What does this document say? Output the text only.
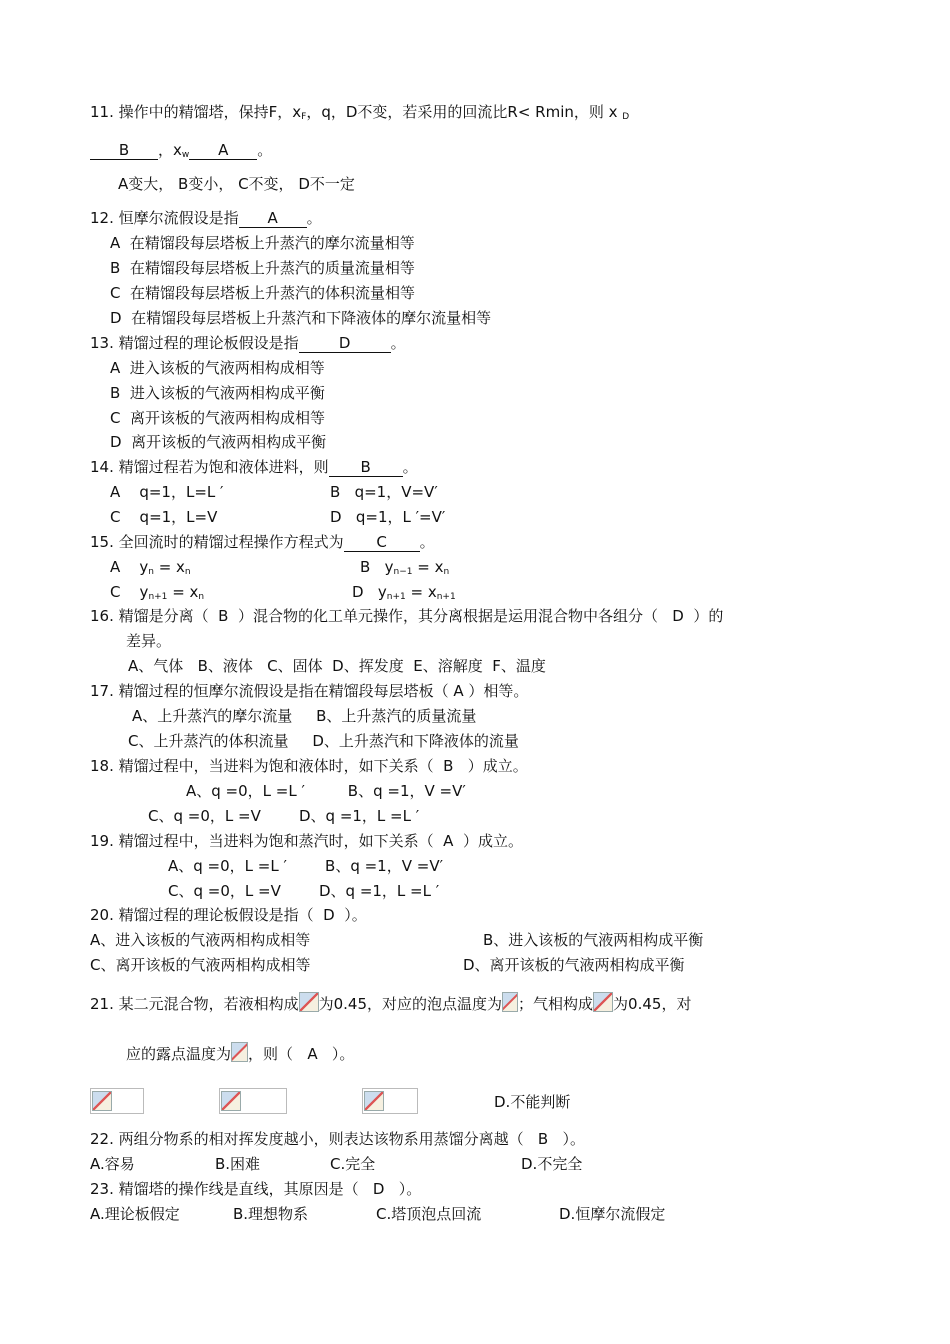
11. 操作中的精馏塔，保持F，$x_F$，q，D不变，若采用的回流比R< Rmin，则 x $_D$
B ，$x_w$ A 。
A变大， B变小， C不变， D不一定
12. 恒摩尔流假设是指 A 。
A  在精馏段每层塔板上升蒸汽的摩尔流量相等
B  在精馏段每层塔板上升蒸汽的质量流量相等
C  在精馏段每层塔板上升蒸汽的体积流量相等
D  在精馏段每层塔板上升蒸汽和下降液体的摩尔流量相等
13. 精馏过程的理论板假设是指	D	。
A  进入该板的气液两相构成相等
B  进入该板的气液两相构成平衡
C  离开该板的气液两相构成相等
D  离开该板的气液两相构成平衡
14. 精馏过程若为饱和液体进料，则 B 。
A    q=1，L=L ′	B   q=1，V=V′
C    q=1，L=V	D   q=1，L ′=V′
15. 全回流时的精馏过程操作方程式为 C 。
A    $y_n = x_n$	B   $y_{n-1} = x_n$
C    $y_{n+1} = x_n$	D   $y_{n+1} = x_{n+1}$
16. 精馏是分离（  B  ）混合物的化工单元操作，其分离根据是运用混合物中各组分（   D  ）的
差异。
A、气体   B、液体   C、固体  D、挥发度  E、溶解度  F、温度
17. 精馏过程的恒摩尔流假设是指在精馏段每层塔板（ A ）相等。
A、上升蒸汽的摩尔流量     B、上升蒸汽的质量流量
C、上升蒸汽的体积流量     D、上升蒸汽和下降液体的流量
18. 精馏过程中，当进料为饱和液体时，如下关系（  B   ）成立。
A、q =0，L =L ′         B、q =1，V =V′
C、q =0，L =V        D、q =1，L =L ′
19. 精馏过程中，当进料为饱和蒸汽时，如下关系（  A  ）成立。
A、q =0，L =L ′        B、q =1，V =V′
C、q =0，L =V        D、q =1，L =L ′
20. 精馏过程的理论板假设是指（  D  ）。
A、进入该板的气液两相构成相等	B、进入该板的气液两相构成平衡
C、离开该板的气液两相构成相等	D、离开该板的气液两相构成平衡
21. 某二元混合物，若液相构成 为0.45，对应的泡点温度为 ；气相构成 为0.45，对
应的露点温度为 ，则（   A   ）。
D.不能判断
22. 两组分物系的相对挥发度越小，则表达该物系用蒸馏分离越（   B   ）。
A.容易	B.困难	C.完全	D.不完全
23. 精馏塔的操作线是直线，其原因是（   D   ）。
A.理论板假定	B.理想物系	C.塔顶泡点回流	D.恒摩尔流假定
